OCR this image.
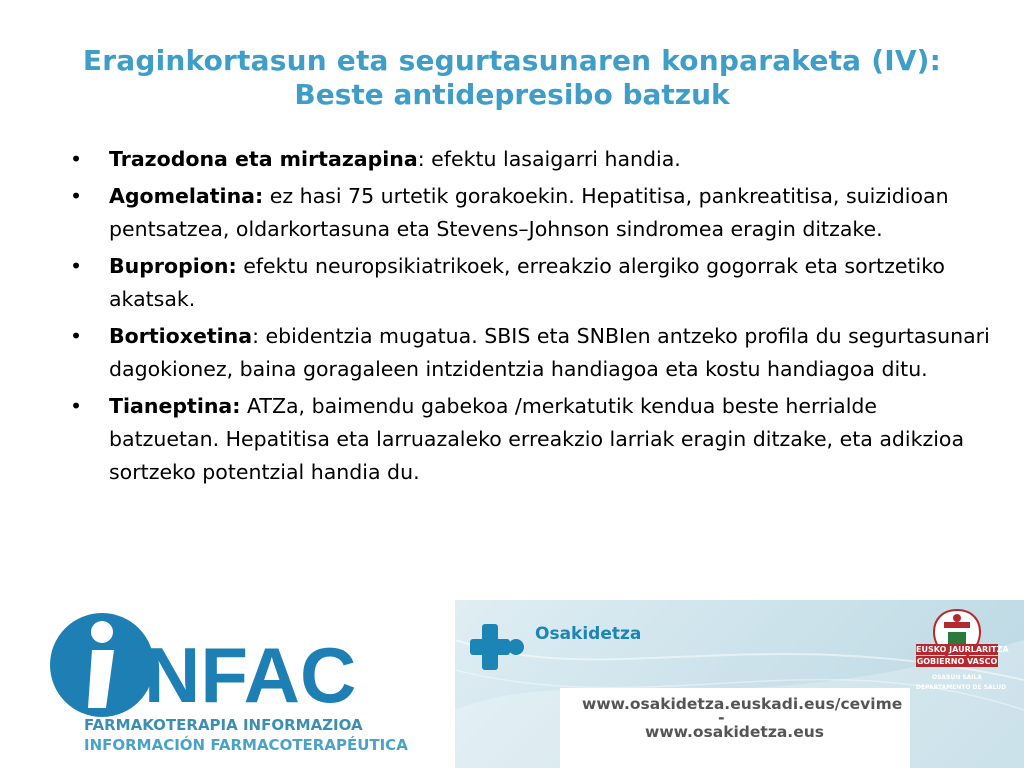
Eraginkortasun eta segurtasunaren konparaketa (IV):
Beste antidepresibo batzuk
• Trazodona eta mirtazapina: efektu lasaigarri handia.
• Agomelatina: ez hasi 75 urtetik gorakoekin. Hepatitisa, pankreatitisa, suizidioan pentsatzea, oldarkortasuna eta Stevens–Johnson sindromea eragin ditzake.
• Bupropion: efektu neuropsikiatrikoek, erreakzio alergiko gogorrak eta sortzetiko akatsak.
• Bortioxetina: ebidentzia mugatua. SBIS eta SNBIen antzeko profila du segurtasunari dagokionez, baina goragaleen intzidentzia handiagoa eta kostu handiagoa ditu.
• Tianeptina: ATZa, baimendu gabekoa /merkatutik kendua beste herrialde batzuetan. Hepatitisa eta larruazaleko erreakzio larriak eragin ditzake, eta adikzioa sortzeko potentzial handia du.
NFAC
FARMAKOTERAPIA INFORMAZIOA
INFORMACIÓN FARMACOTERAPÉUTICA
Osakidetza
www.osakidetza.euskadi.eus/cevime
-
www.osakidetza.eus
EUSKO JAURLARITZA
GOBIERNO VASCO
OSASUN SAILA
DEPARTAMENTO DE SALUD
